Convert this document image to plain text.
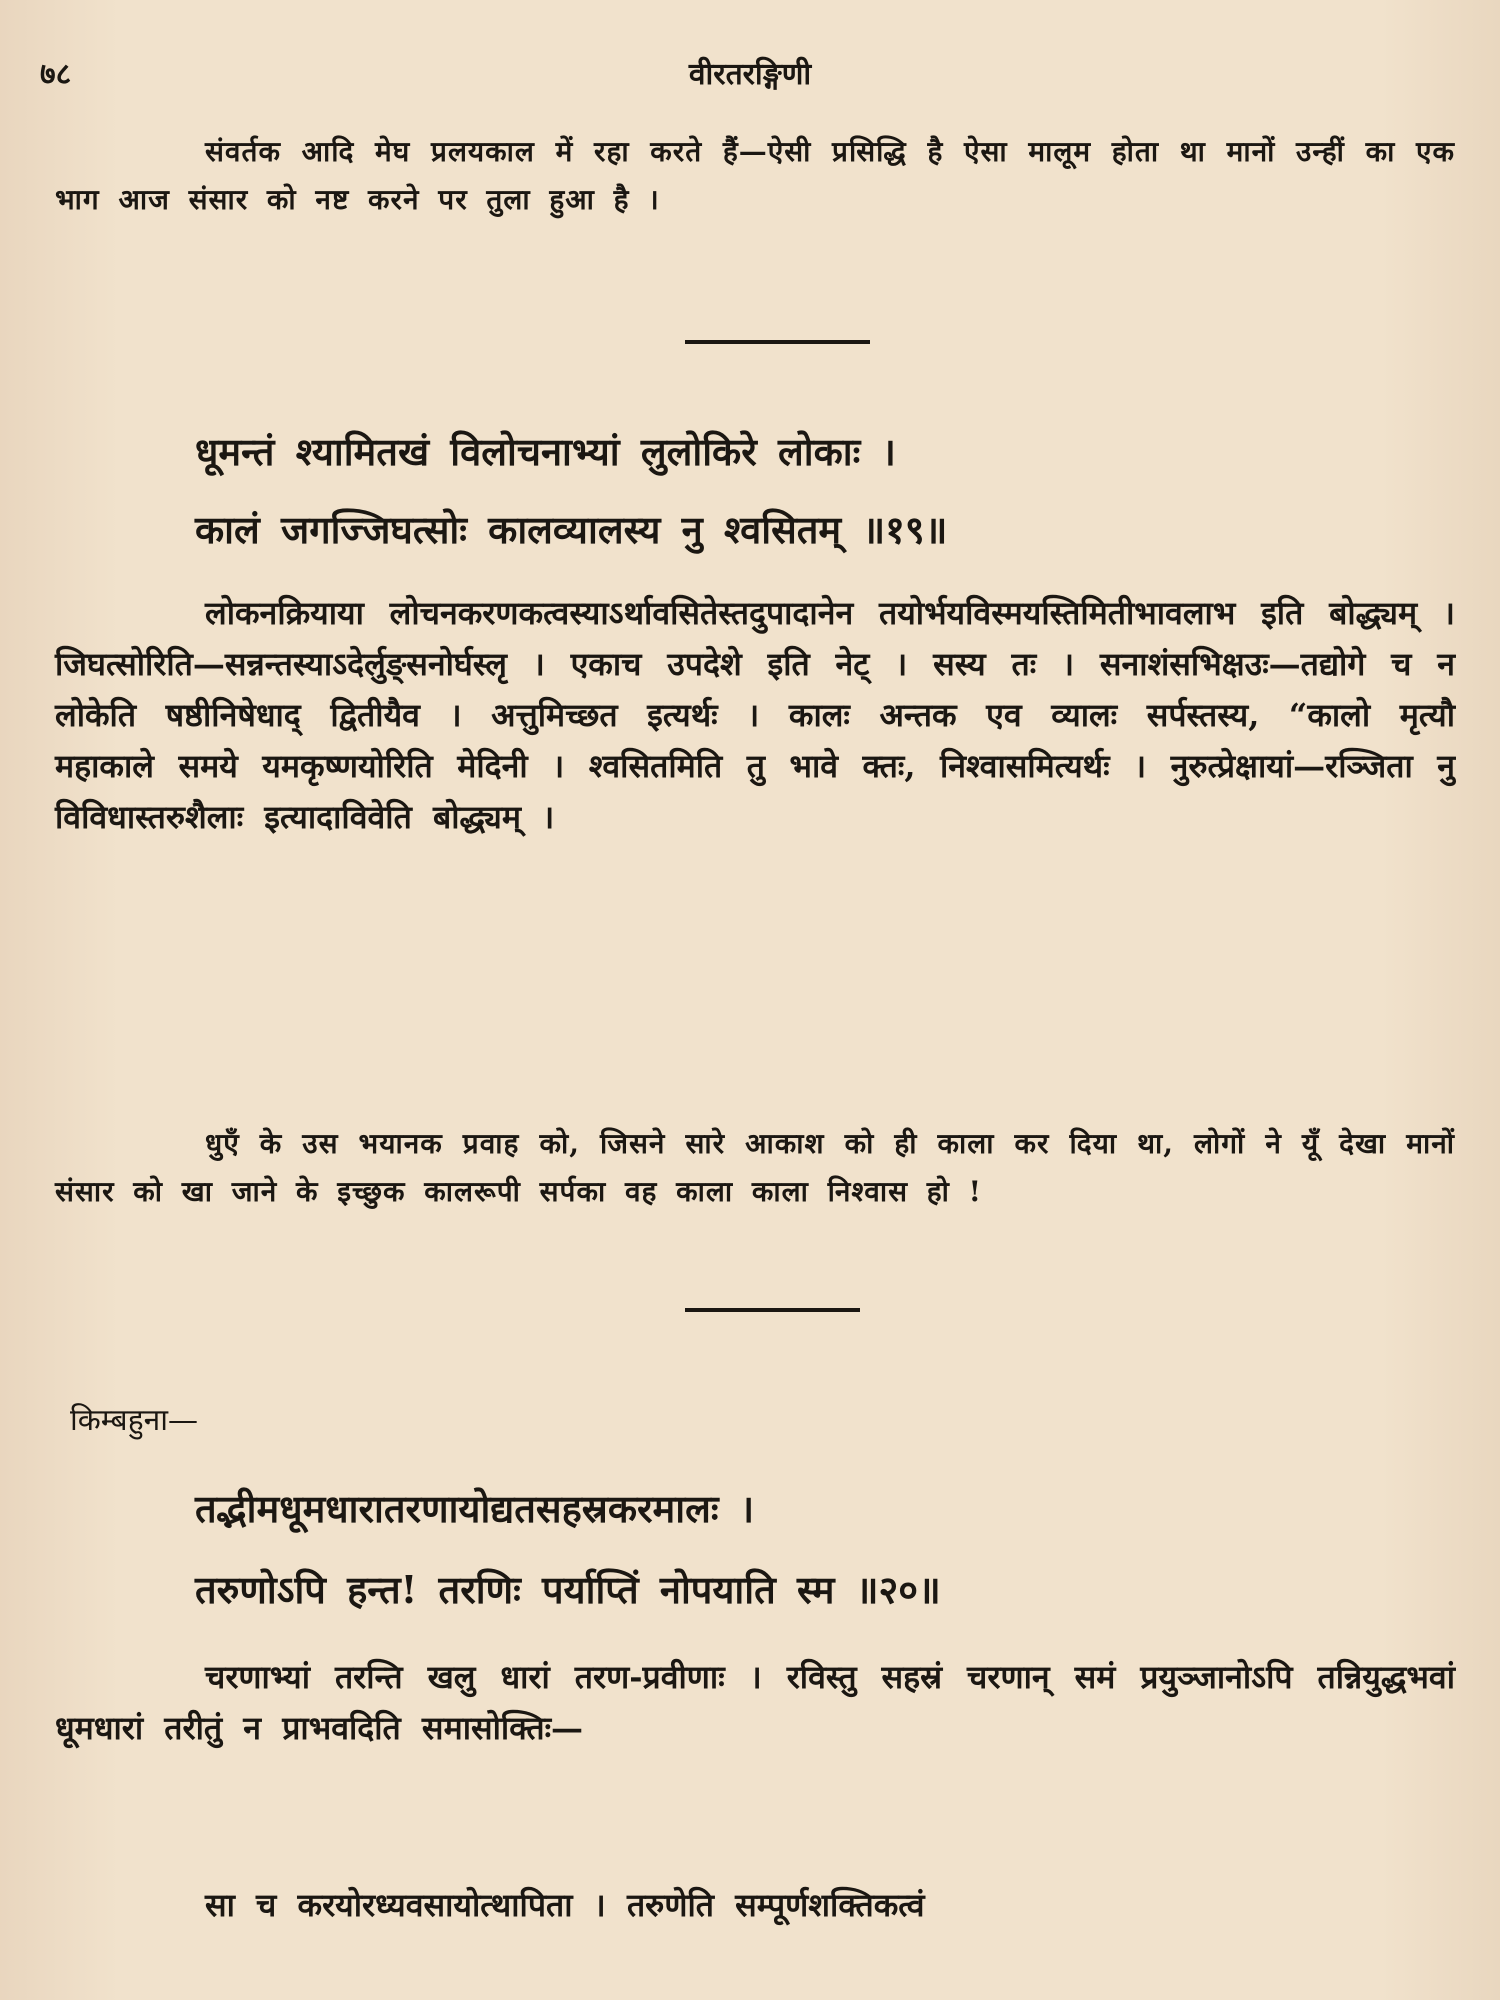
७८	वीरतरङ्गिणी

संवर्तक आदि मेघ प्रलयकाल में रहा करते हैं—ऐसी प्रसिद्धि है ऐसा मालूम होता था मानों उन्हीं का एक भाग आज संसार को नष्ट करने पर तुला हुआ है ।

धूमन्तं श्यामितखं विलोचनाभ्यां लुलोकिरे लोकाः ।
कालं जगज्जिघत्सोः कालव्यालस्य नु श्वसितम् ॥१९॥

लोकनक्रियाया लोचनकरणकत्वस्याऽर्थावसितेस्तदुपादानेन तयोर्भयविस्मयस्तिमितीभावलाभ इति बोद्ध्यम् । जिघत्सोरिति—सन्नन्तस्याऽदेर्लुङ्सनोर्घस्लृ । एकाच उपदेशे इति नेट् । सस्य तः । सनाशंसभिक्षउः—तद्योगे च न लोकेति षष्ठीनिषेधाद् द्वितीयैव । अत्तुमिच्छत इत्यर्थः । कालः अन्तक एव व्यालः सर्पस्तस्य, “कालो मृत्यौ महाकाले समये यमकृष्णयोरिति मेदिनी । श्वसितमिति तु भावे क्तः, निश्वासमित्यर्थः । नुरुत्प्रेक्षायां—रञ्जिता नु विविधास्तरुशैलाः इत्यादाविवेति बोद्ध्यम् ।

धुएँ के उस भयानक प्रवाह को, जिसने सारे आकाश को ही काला कर दिया था, लोगों ने यूँ देखा मानों संसार को खा जाने के इच्छुक कालरूपी सर्पका वह काला काला निश्वास हो !

किम्बहुना—
तद्भीमधूमधारातरणायोद्यतसहस्रकरमालः ।
तरुणोऽपि हन्त! तरणिः पर्याप्तिं नोपयाति स्म ॥२०॥

चरणाभ्यां तरन्ति खलु धारां तरण-प्रवीणाः । रविस्तु सहस्रं चरणान् समं प्रयुञ्जानोऽपि तन्नियुद्धभवां धूमधारां तरीतुं न प्राभवदिति समासोक्तिः—

सा च करयोरध्यवसायोत्थापिता । तरुणेति सम्पूर्णशक्तिकत्वं
